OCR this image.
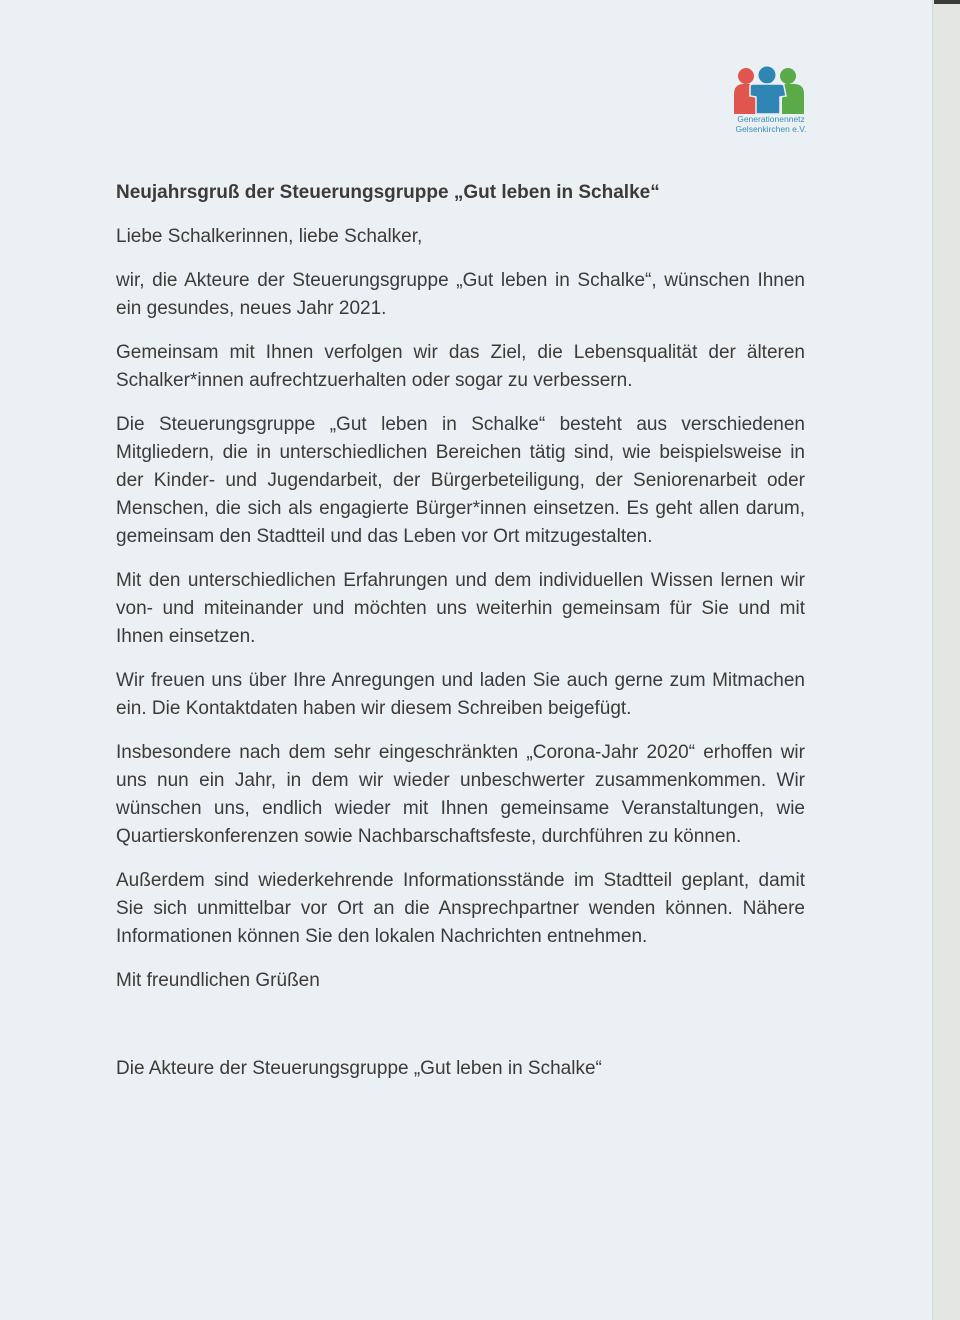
Generationennetz
Gelsenkirchen e.V.
Neujahrsgruß der Steuerungsgruppe „Gut leben in Schalke“

Liebe Schalkerinnen, liebe Schalker,

wir, die Akteure der Steuerungsgruppe „Gut leben in Schalke“, wünschen Ihnen ein gesundes, neues Jahr 2021.

Gemeinsam mit Ihnen verfolgen wir das Ziel, die Lebensqualität der älteren Schalker*innen aufrechtzuerhalten oder sogar zu verbessern.

Die Steuerungsgruppe „Gut leben in Schalke“ besteht aus verschiedenen Mitgliedern, die in unterschiedlichen Bereichen tätig sind, wie beispielsweise in der Kinder- und Jugendarbeit, der Bürgerbeteiligung, der Seniorenarbeit oder Menschen, die sich als engagierte Bürger*innen einsetzen. Es geht allen darum, gemeinsam den Stadtteil und das Leben vor Ort mitzugestalten.

Mit den unterschiedlichen Erfahrungen und dem individuellen Wissen lernen wir von- und miteinander und möchten uns weiterhin gemeinsam für Sie und mit Ihnen einsetzen.

Wir freuen uns über Ihre Anregungen und laden Sie auch gerne zum Mitmachen ein. Die Kontaktdaten haben wir diesem Schreiben beigefügt.

Insbesondere nach dem sehr eingeschränkten „Corona-Jahr 2020“ erhoffen wir uns nun ein Jahr, in dem wir wieder unbeschwerter zusammenkommen. Wir wünschen uns, endlich wieder mit Ihnen gemeinsame Veranstaltungen, wie Quartierskonferenzen sowie Nachbarschaftsfeste, durchführen zu können.

Außerdem sind wiederkehrende Informationsstände im Stadtteil geplant, damit Sie sich unmittelbar vor Ort an die Ansprechpartner wenden können. Nähere Informationen können Sie den lokalen Nachrichten entnehmen.

Mit freundlichen Grüßen

Die Akteure der Steuerungsgruppe „Gut leben in Schalke“
